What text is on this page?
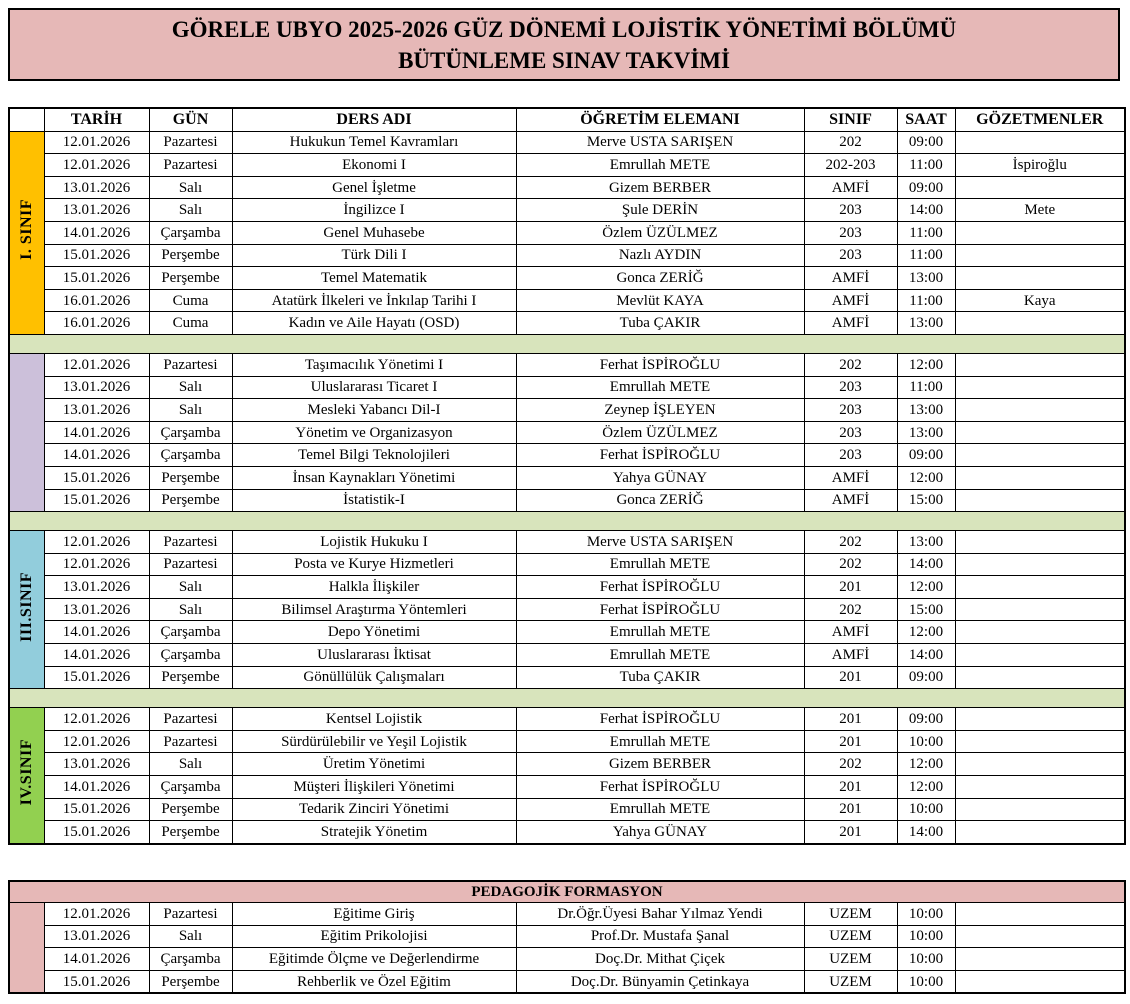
GÖRELE UBYO 2025-2026 GÜZ DÖNEMİ LOJİSTİK YÖNETİMİ BÖLÜMÜ
BÜTÜNLEME SINAV TAKVİMİ
	TARİH	GÜN	DERS ADI	ÖĞRETİM ELEMANI	SINIF	SAAT	GÖZETMENLER
I. SINIF	12.01.2026	Pazartesi	Hukukun Temel Kavramları	Merve USTA SARIŞEN	202	09:00	
	12.01.2026	Pazartesi	Ekonomi I	Emrullah METE	202-203	11:00	İspiroğlu
	13.01.2026	Salı	Genel İşletme	Gizem BERBER	AMFİ	09:00	
	13.01.2026	Salı	İngilizce I	Şule DERİN	203	14:00	Mete
	14.01.2026	Çarşamba	Genel Muhasebe	Özlem ÜZÜLMEZ	203	11:00	
	15.01.2026	Perşembe	Türk Dili I	Nazlı AYDIN	203	11:00	
	15.01.2026	Perşembe	Temel Matematik	Gonca ZERİĞ	AMFİ	13:00	
	16.01.2026	Cuma	Atatürk İlkeleri ve İnkılap Tarihi I	Mevlüt KAYA	AMFİ	11:00	Kaya
	16.01.2026	Cuma	Kadın ve Aile Hayatı (OSD)	Tuba ÇAKIR	AMFİ	13:00	

	12.01.2026	Pazartesi	Taşımacılık Yönetimi I	Ferhat İSPİROĞLU	202	12:00	
	13.01.2026	Salı	Uluslararası Ticaret I	Emrullah METE	203	11:00	
	13.01.2026	Salı	Mesleki Yabancı Dil-I	Zeynep İŞLEYEN	203	13:00	
	14.01.2026	Çarşamba	Yönetim ve Organizasyon	Özlem ÜZÜLMEZ	203	13:00	
	14.01.2026	Çarşamba	Temel Bilgi Teknolojileri	Ferhat İSPİROĞLU	203	09:00	
	15.01.2026	Perşembe	İnsan Kaynakları Yönetimi	Yahya GÜNAY	AMFİ	12:00	
	15.01.2026	Perşembe	İstatistik-I	Gonca ZERİĞ	AMFİ	15:00	

III.SINIF	12.01.2026	Pazartesi	Lojistik Hukuku I	Merve USTA SARIŞEN	202	13:00	
	12.01.2026	Pazartesi	Posta ve Kurye Hizmetleri	Emrullah METE	202	14:00	
	13.01.2026	Salı	Halkla İlişkiler	Ferhat İSPİROĞLU	201	12:00	
	13.01.2026	Salı	Bilimsel Araştırma Yöntemleri	Ferhat İSPİROĞLU	202	15:00	
	14.01.2026	Çarşamba	Depo Yönetimi	Emrullah METE	AMFİ	12:00	
	14.01.2026	Çarşamba	Uluslararası İktisat	Emrullah METE	AMFİ	14:00	
	15.01.2026	Perşembe	Gönüllülük Çalışmaları	Tuba ÇAKIR	201	09:00	

IV.SINIF	12.01.2026	Pazartesi	Kentsel Lojistik	Ferhat İSPİROĞLU	201	09:00	
	12.01.2026	Pazartesi	Sürdürülebilir ve Yeşil Lojistik	Emrullah METE	201	10:00	
	13.01.2026	Salı	Üretim Yönetimi	Gizem BERBER	202	12:00	
	14.01.2026	Çarşamba	Müşteri İlişkileri Yönetimi	Ferhat İSPİROĞLU	201	12:00	
	15.01.2026	Perşembe	Tedarik Zinciri Yönetimi	Emrullah METE	201	10:00	
	15.01.2026	Perşembe	Stratejik Yönetim	Yahya GÜNAY	201	14:00	
PEDAGOJİK FORMASYON							
	12.01.2026	Pazartesi	Eğitime Giriş	Dr.Öğr.Üyesi Bahar Yılmaz Yendi	UZEM	10:00	
	13.01.2026	Salı	Eğitim Prikolojisi	Prof.Dr. Mustafa Şanal	UZEM	10:00	
	14.01.2026	Çarşamba	Eğitimde Ölçme ve Değerlendirme	Doç.Dr. Mithat Çiçek	UZEM	10:00	
	15.01.2026	Perşembe	Rehberlik ve Özel Eğitim	Doç.Dr. Bünyamin Çetinkaya	UZEM	10:00	
